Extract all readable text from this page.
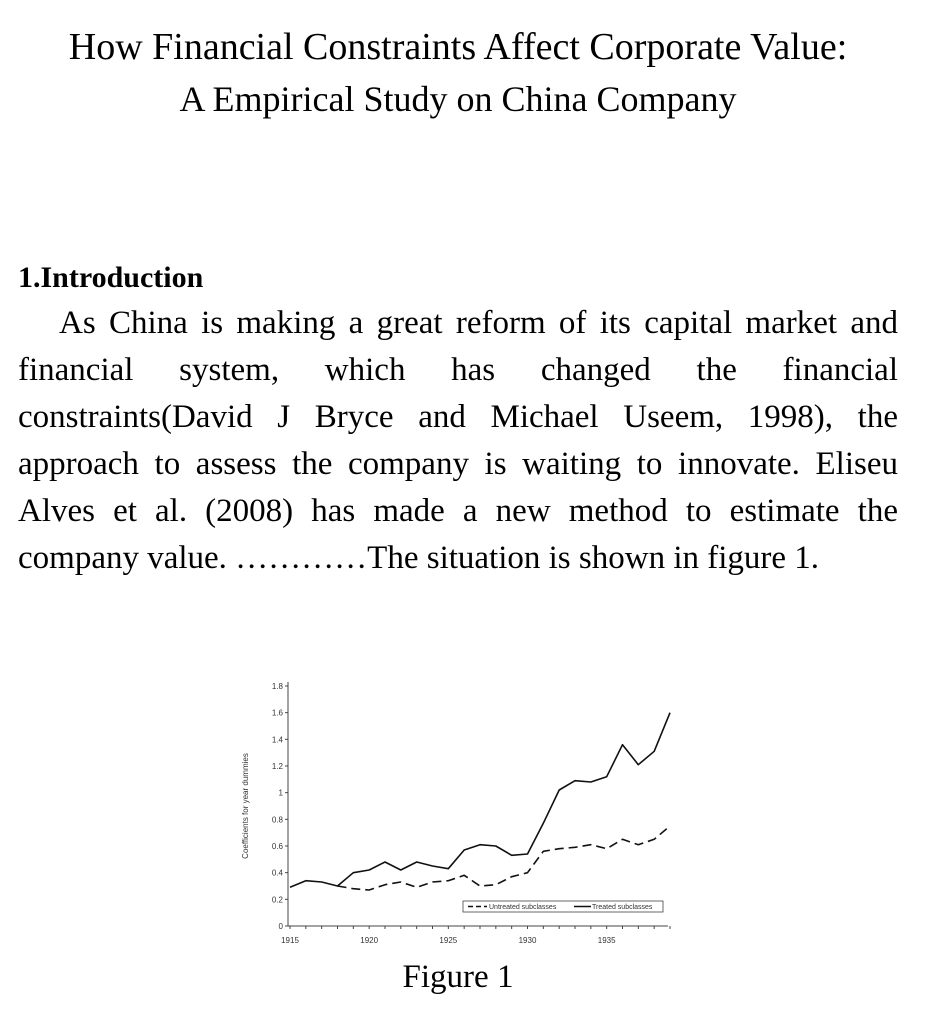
How Financial Constraints Affect Corporate Value:
A Empirical Study on China Company
1.Introduction

As China is making a great reform of its capital market and financial system, which has changed the financial constraints(David J Bryce and Michael Useem, 1998), the approach to assess the company is waiting to innovate. Eliseu Alves et al. (2008) has made a new method to estimate the company value. …………The situation is shown in figure 1.

0
0.2
0.4
0.6
0.8
1
1.2
1.4
1.6
1.8
1915	1920	1925	1930	1935
Coefficients for year dummies
Untreated subclasses	Treated subclasses

Figure 1
